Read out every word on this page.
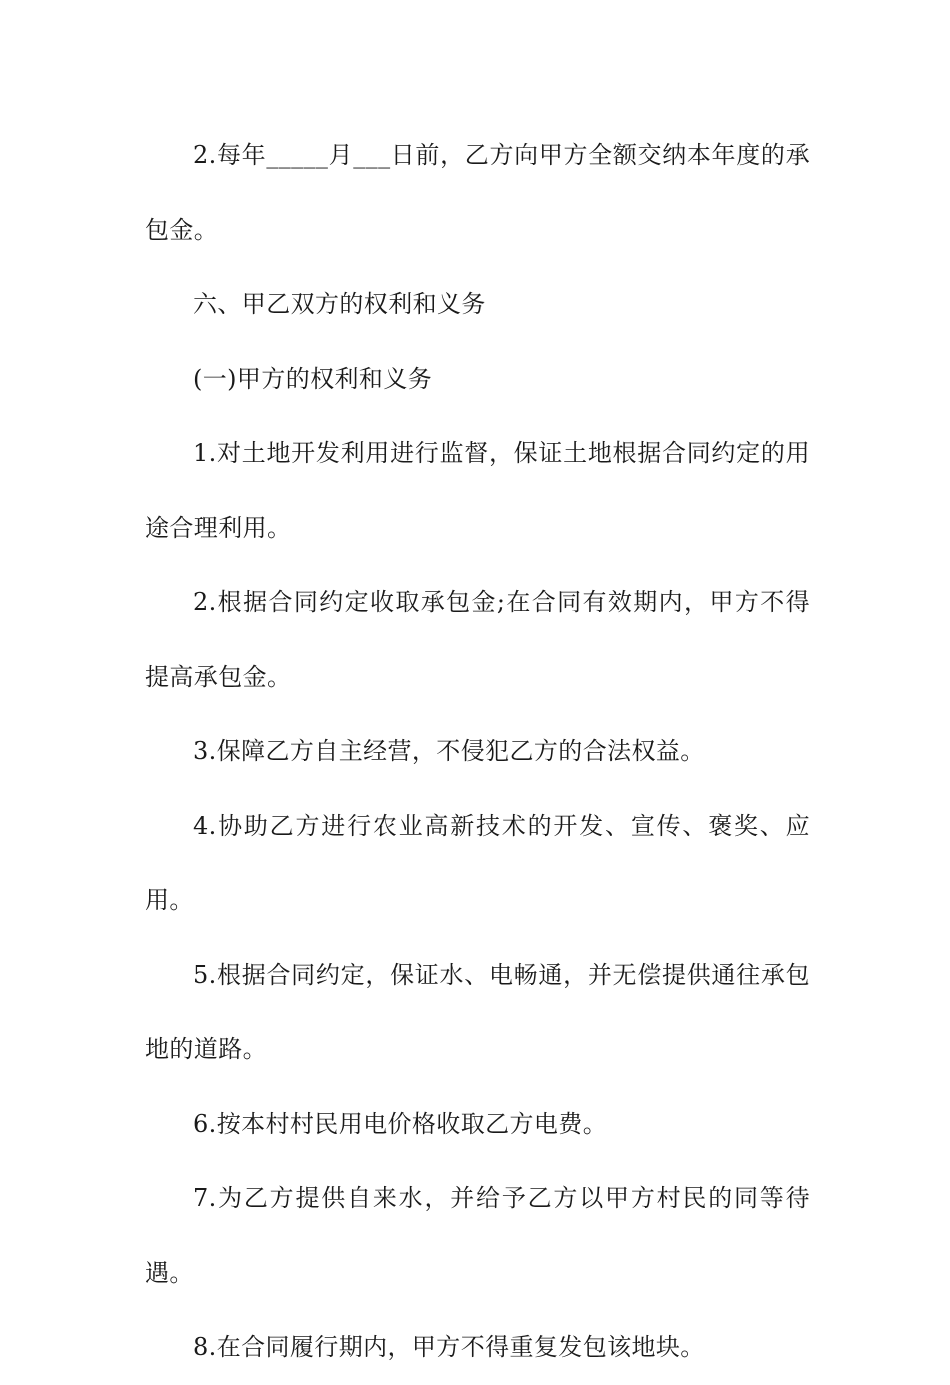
2.每年_____月___日前，乙方向甲方全额交纳本年度的承包金。

六、甲乙双方的权利和义务

(一)甲方的权利和义务

1.对土地开发利用进行监督，保证土地根据合同约定的用途合理利用。

2.根据合同约定收取承包金;在合同有效期内，甲方不得提高承包金。

3.保障乙方自主经营，不侵犯乙方的合法权益。

4.协助乙方进行农业高新技术的开发、宣传、褒奖、应用。

5.根据合同约定，保证水、电畅通，并无偿提供通往承包地的道路。

6.按本村村民用电价格收取乙方电费。

7.为乙方提供自来水，并给予乙方以甲方村民的同等待遇。

8.在合同履行期内，甲方不得重复发包该地块。
